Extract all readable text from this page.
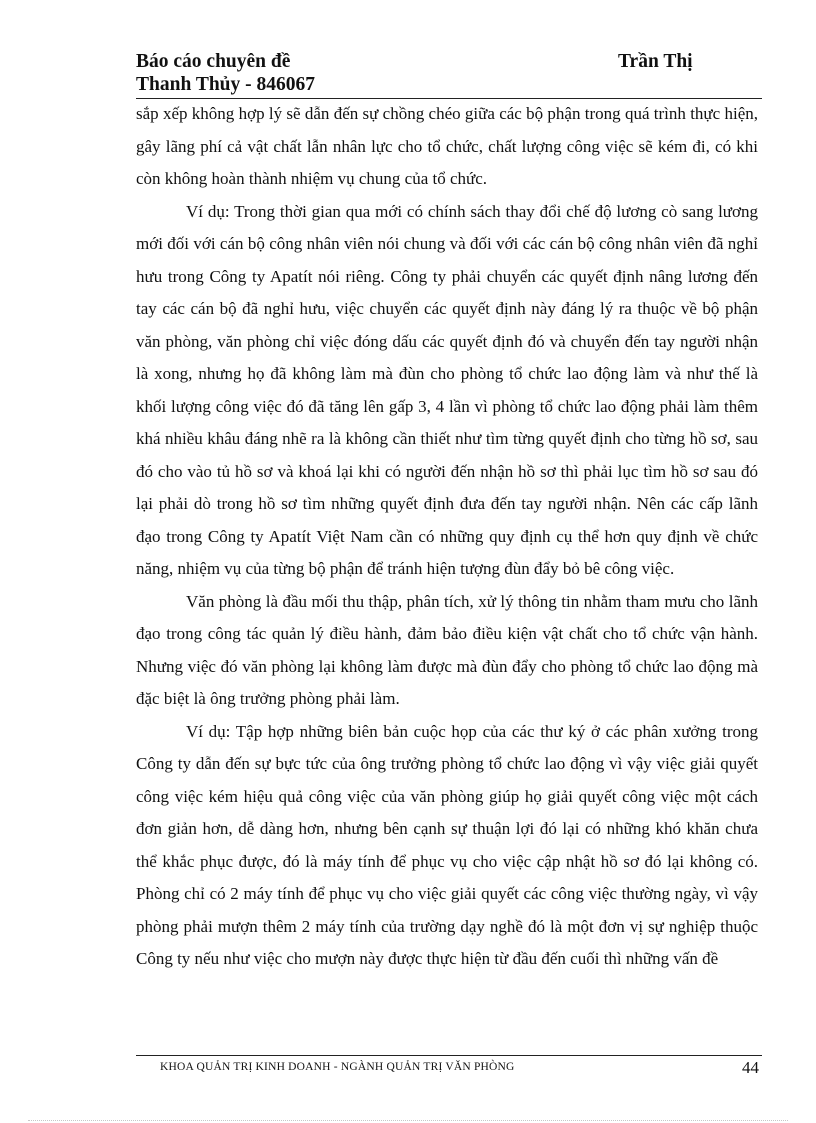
Báo cáo chuyên đề	Trần Thị
Thanh Thủy - 846067

sắp xếp không hợp lý sẽ dẫn đến sự chồng chéo giữa các bộ phận trong quá trình thực hiện, gây lãng phí cả vật chất lẫn nhân lực cho tổ chức, chất lượng công việc sẽ kém đi, có khi còn không hoàn thành nhiệm vụ chung của tổ chức.

Ví dụ: Trong thời gian qua mới có chính sách thay đổi chế độ lương cò sang lương mới đối với cán bộ công nhân viên nói chung và đối với các cán bộ công nhân viên đã nghỉ hưu trong Công ty Apatít nói riêng. Công ty phải chuyển các quyết định nâng lương đến tay các cán bộ đã nghỉ hưu, việc chuyển các quyết định này đáng lý ra thuộc về bộ phận văn phòng, văn phòng chỉ việc đóng dấu các quyết định đó và chuyển đến tay người nhận là xong, nhưng họ đã không làm mà đùn cho phòng tổ chức lao động làm và như thế là khối lượng công việc đó đã tăng lên gấp 3, 4 lần vì phòng tổ chức lao động phải làm thêm khá nhiều khâu đáng nhẽ ra là không cần thiết như tìm từng quyết định cho từng hồ sơ, sau đó cho vào tủ hồ sơ và khoá lại khi có người đến nhận hồ sơ thì phải lục tìm hồ sơ sau đó lại phải dò trong hồ sơ tìm những quyết định đưa đến tay người nhận. Nên các cấp lãnh đạo trong Công ty Apatít Việt Nam cần có những quy định cụ thể hơn quy định về chức năng, nhiệm vụ của từng bộ phận để tránh hiện tượng đùn đẩy bỏ bê công việc.

Văn phòng là đầu mối thu thập, phân tích, xử lý thông tin nhằm tham mưu cho lãnh đạo trong công tác quản lý điều hành, đảm bảo điều kiện vật chất cho tổ chức vận hành. Nhưng việc đó văn phòng lại không làm được mà đùn đẩy cho phòng tổ chức lao động mà đặc biệt là ông trưởng phòng phải làm.

Ví dụ: Tập hợp những biên bản cuộc họp của các thư ký ở các phân xưởng trong Công ty dẫn đến sự bực tức của ông trưởng phòng tổ chức lao động vì vậy việc giải quyết công việc kém hiệu quả công việc của văn phòng giúp họ giải quyết công việc một cách đơn giản hơn, dễ dàng hơn, nhưng bên cạnh sự thuận lợi đó lại có những khó khăn chưa thể khắc phục được, đó là máy tính để phục vụ cho việc cập nhật hồ sơ đó lại không có. Phòng chỉ có 2 máy tính để phục vụ cho việc giải quyết các công việc thường ngày, vì vậy phòng phải mượn thêm 2 máy tính của trường dạy nghề đó là một đơn vị sự nghiệp thuộc Công ty nếu như việc cho mượn này được thực hiện từ đầu đến cuối thì những vấn đề

KHOA QUẢN TRỊ KINH DOANH - NGÀNH QUẢN TRỊ VĂN PHÒNG	44
